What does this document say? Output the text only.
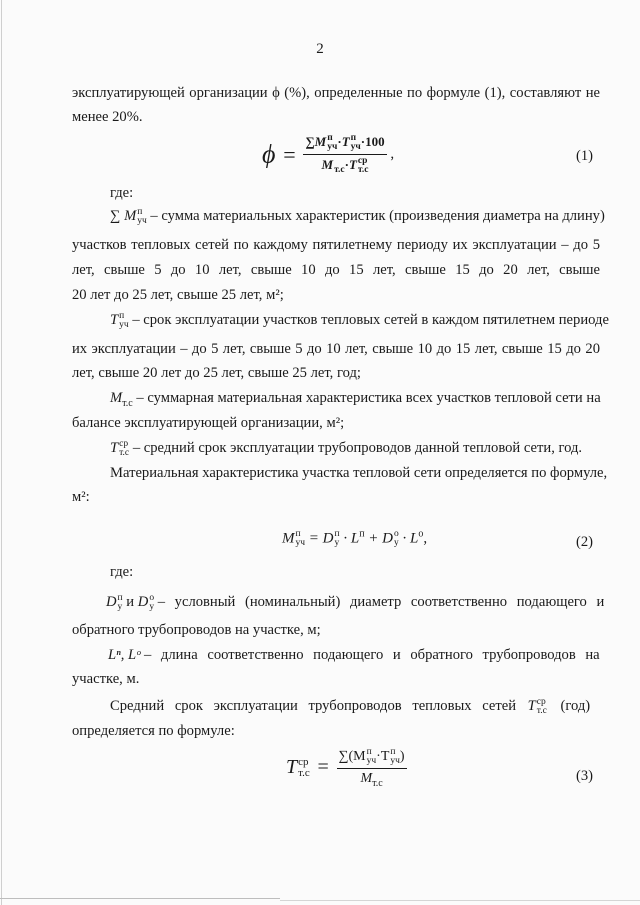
2
эксплуатирующей организации ϕ (%), определенные по формуле (1), составляют не
менее 20%.
ϕ = ∑M п
уч ·T п
уч ·100
M
т.с ·T ср
т.с ,	(1)
где:
∑ M п
уч – сумма материальных характеристик (произведения диаметра на длину)
участков тепловых сетей по каждому пятилетнему периоду их эксплуатации – до 5
лет, свыше 5 до 10 лет, свыше 10 до 15 лет, свыше 15 до 20 лет, свыше
20 лет до 25 лет, свыше 25 лет, м²;
T п
уч – срок эксплуатации участков тепловых сетей в каждом пятилетнем периоде
их эксплуатации – до 5 лет, свыше 5 до 10 лет, свыше 10 до 15 лет, свыше 15 до 20
лет, свыше 20 лет до 25 лет, свыше 25 лет, год;
$M_{т.с}$ – суммарная материальная характеристика всех участков тепловой сети на
балансе эксплуатирующей организации, м²;
T ср
т.с – средний срок эксплуатации трубопроводов данной тепловой сети, год.
Материальная характеристика участка тепловой сети определяется по формуле,
м²:
M п
уч = D п
$у \cdot L^п + D$ о
$у \cdot L^о$,	(2)
где:
D п
у и D о
у – условный (номинальный) диаметр соответственно подающего и
обратного трубопроводов на участке, м;
Lⁿ, Lᵒ – длина соответственно подающего и обратного трубопроводов на
участке, м.
Средний срок эксплуатации трубопроводов тепловых сетей T ср
т.с (год)
определяется по формуле:
T ср
т.с = ∑(M п
уч ·T п
уч )
$M_{т.с}$	(3)
